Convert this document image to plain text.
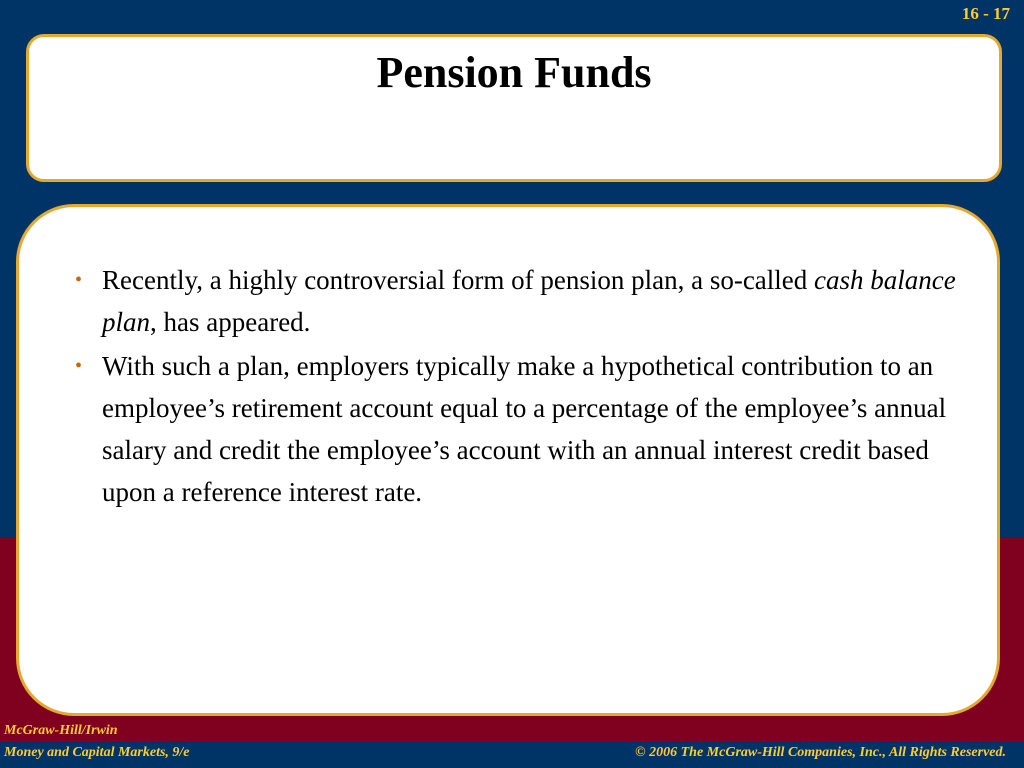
16 - 17
Pension Funds
• Recently, a highly controversial form of pension plan, a so-called cash balance plan, has appeared.
• With such a plan, employers typically make a hypothetical contribution to an employee’s retirement account equal to a percentage of the employee’s annual salary and credit the employee’s account with an annual interest credit based upon a reference interest rate.
McGraw-Hill/Irwin
Money and Capital Markets, 9/e	© 2006 The McGraw-Hill Companies, Inc., All Rights Reserved.
